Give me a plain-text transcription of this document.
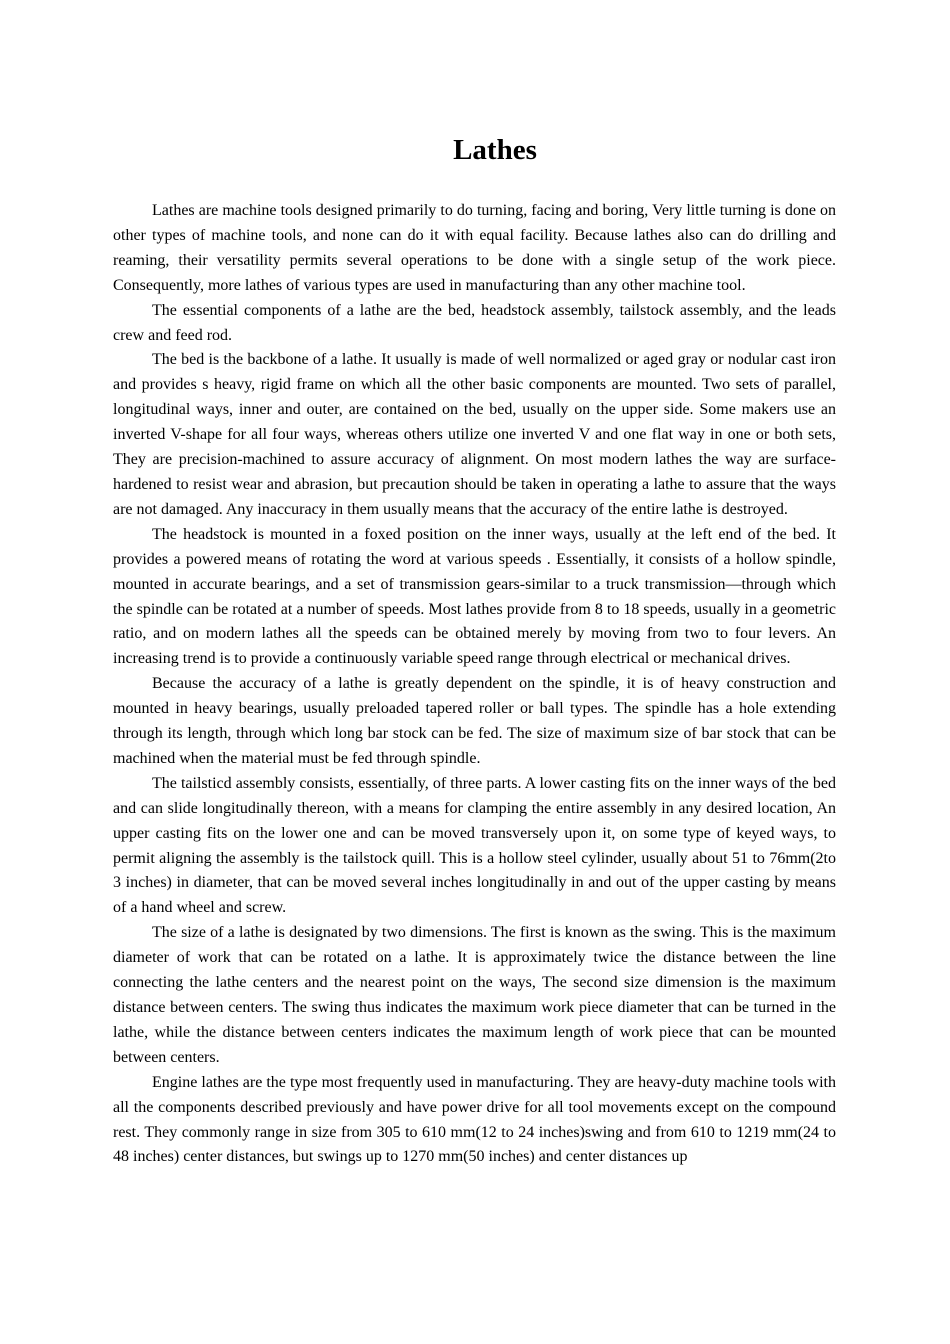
Lathes

Lathes are machine tools designed primarily to do turning, facing and boring, Very little turning is done on other types of machine tools, and none can do it with equal facility. Because lathes also can do drilling and reaming, their versatility permits several operations to be done with a single setup of the work piece. Consequently, more lathes of various types are used in manufacturing than any other machine tool.

The essential components of a lathe are the bed, headstock assembly, tailstock assembly, and the leads crew and feed rod.

The bed is the backbone of a lathe. It usually is made of well normalized or aged gray or nodular cast iron and provides s heavy, rigid frame on which all the other basic components are mounted. Two sets of parallel, longitudinal ways, inner and outer, are contained on the bed, usually on the upper side. Some makers use an inverted V-shape for all four ways, whereas others utilize one inverted V and one flat way in one or both sets, They are precision-machined to assure accuracy of alignment. On most modern lathes the way are surface-hardened to resist wear and abrasion, but precaution should be taken in operating a lathe to assure that the ways are not damaged. Any inaccuracy in them usually means that the accuracy of the entire lathe is destroyed.

The headstock is mounted in a foxed position on the inner ways, usually at the left end of the bed. It provides a powered means of rotating the word at various speeds . Essentially, it consists of a hollow spindle, mounted in accurate bearings, and a set of transmission gears-similar to a truck transmission—through which the spindle can be rotated at a number of speeds. Most lathes provide from 8 to 18 speeds, usually in a geometric ratio, and on modern lathes all the speeds can be obtained merely by moving from two to four levers. An increasing trend is to provide a continuously variable speed range through electrical or mechanical drives.

Because the accuracy of a lathe is greatly dependent on the spindle, it is of heavy construction and mounted in heavy bearings, usually preloaded tapered roller or ball types. The spindle has a hole extending through its length, through which long bar stock can be fed. The size of maximum size of bar stock that can be machined when the material must be fed through spindle.

The tailsticd assembly consists, essentially, of three parts. A lower casting fits on the inner ways of the bed and can slide longitudinally thereon, with a means for clamping the entire assembly in any desired location, An upper casting fits on the lower one and can be moved transversely upon it, on some type of keyed ways, to permit aligning the assembly is the tailstock quill. This is a hollow steel cylinder, usually about 51 to 76mm(2to 3 inches) in diameter, that can be moved several inches longitudinally in and out of the upper casting by means of a hand wheel and screw.

The size of a lathe is designated by two dimensions. The first is known as the swing. This is the maximum diameter of work that can be rotated on a lathe. It is approximately twice the distance between the line connecting the lathe centers and the nearest point on the ways, The second size dimension is the maximum distance between centers. The swing thus indicates the maximum work piece diameter that can be turned in the lathe, while the distance between centers indicates the maximum length of work piece that can be mounted between centers.

Engine lathes are the type most frequently used in manufacturing. They are heavy-duty machine tools with all the components described previously and have power drive for all tool movements except on the compound rest. They commonly range in size from 305 to 610 mm(12 to 24 inches)swing and from 610 to 1219 mm(24 to 48 inches) center distances, but swings up to 1270 mm(50 inches) and center distances up
